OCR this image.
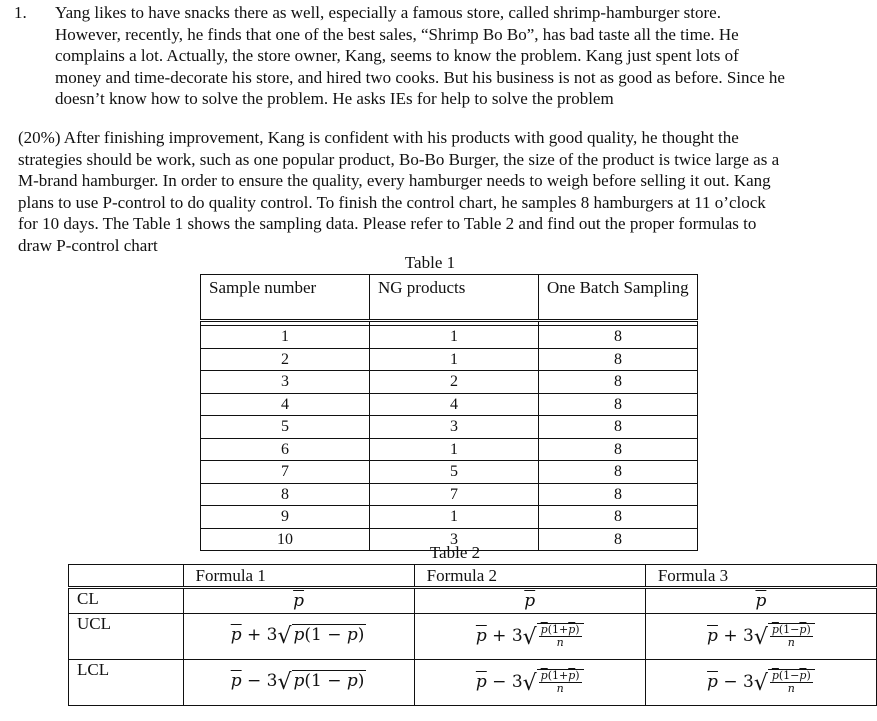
1. Yang likes to have snacks there as well, especially a famous store, called shrimp-hamburger store.
However, recently, he finds that one of the best sales, “Shrimp Bo Bo”, has bad taste all the time. He
complains a lot. Actually, the store owner, Kang, seems to know the problem. Kang just spent lots of
money and time-decorate his store, and hired two cooks. But his business is not as good as before. Since he
doesn’t know how to solve the problem. He asks IEs for help to solve the problem
(20%) After finishing improvement, Kang is confident with his products with good quality, he thought the
strategies should be work, such as one popular product, Bo-Bo Burger, the size of the product is twice large as a
M-brand hamburger. In order to ensure the quality, every hamburger needs to weigh before selling it out. Kang
plans to use P-control to do quality control. To finish the control chart, he samples 8 hamburgers at 11 o’clock
for 10 days. The Table 1 shows the sampling data. Please refer to Table 2 and find out the proper formulas to
draw P-control chart
Table 1
Sample number	NG products	One Batch Sampling

1	1	8
2	1	8
3	2	8
4	4	8
5	3	8
6	1	8
7	5	8
8	7	8
9	1	8
10	3	8
Table 2
	Formula 1	Formula 2	Formula 3
CL	$\overline{p}$	$\overline{p}$	$\overline{p}$
UCL	$\overline{p} + 3√$ $p(1 - \overline{p})$	$\overline{p} + 3√ \frac{p(1+\overline{p})}{n}$	$\overline{p} + 3√ \frac{p(1-\overline{p})}{n}$

LCL	$\overline{p} - 3√$ $p(1 - \overline{p})$	$\overline{p} - 3√ \frac{p(1+\overline{p})}{n}$	$\overline{p} - 3√ \frac{p(1-\overline{p})}{n}$
